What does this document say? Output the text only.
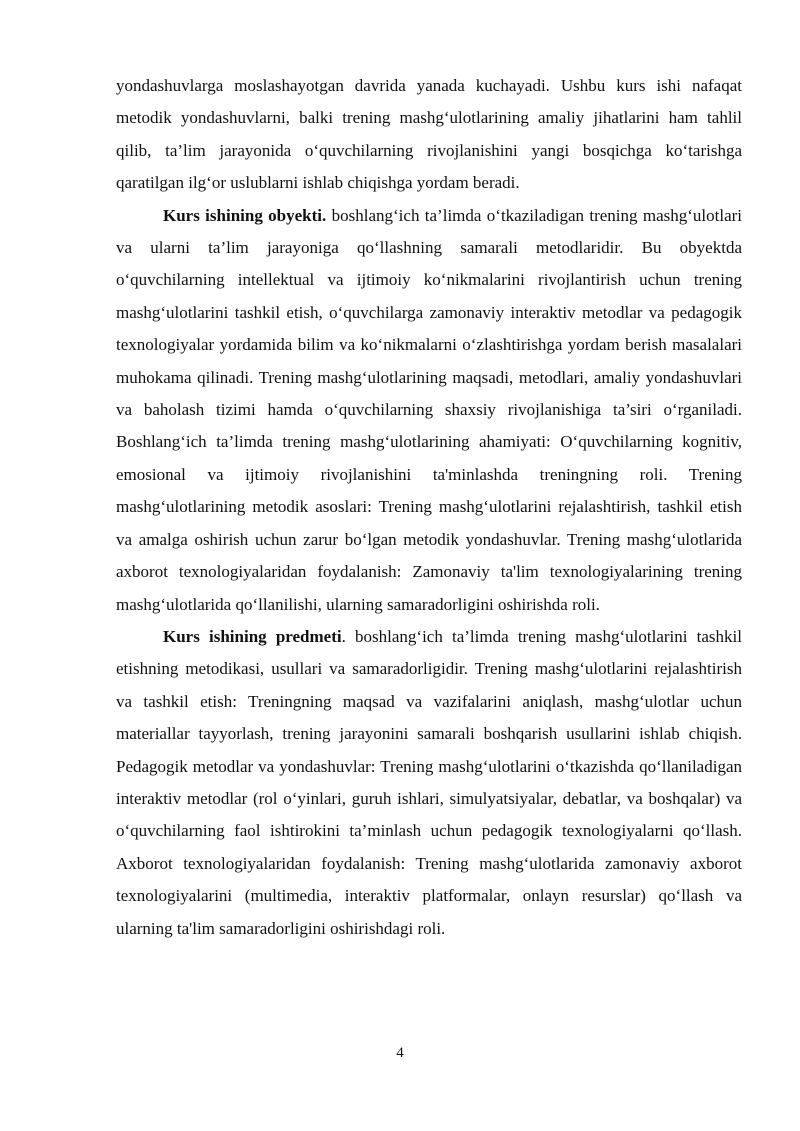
yondashuvlarga moslashayotgan davrida yanada kuchayadi. Ushbu kurs ishi nafaqat metodik yondashuvlarni, balki trening mashg‘ulotlarining amaliy jihatlarini ham tahlil qilib, ta’lim jarayonida o‘quvchilarning rivojlanishini yangi bosqichga ko‘tarishga qaratilgan ilg‘or uslublarni ishlab chiqishga yordam beradi.

Kurs ishining obyekti. boshlang‘ich ta’limda o‘tkaziladigan trening mashg‘ulotlari va ularni ta’lim jarayoniga qo‘llashning samarali metodlaridir. Bu obyektda o‘quvchilarning intellektual va ijtimoiy ko‘nikmalarini rivojlantirish uchun trening mashg‘ulotlarini tashkil etish, o‘quvchilarga zamonaviy interaktiv metodlar va pedagogik texnologiyalar yordamida bilim va ko‘nikmalarni o‘zlashtirishga yordam berish masalalari muhokama qilinadi. Trening mashg‘ulotlarining maqsadi, metodlari, amaliy yondashuvlari va baholash tizimi hamda o‘quvchilarning shaxsiy rivojlanishiga ta’siri o‘rganiladi. Boshlang‘ich ta’limda trening mashg‘ulotlarining ahamiyati: O‘quvchilarning kognitiv, emosional va ijtimoiy rivojlanishini ta'minlashda treningning roli. Trening mashg‘ulotlarining metodik asoslari: Trening mashg‘ulotlarini rejalashtirish, tashkil etish va amalga oshirish uchun zarur bo‘lgan metodik yondashuvlar. Trening mashg‘ulotlarida axborot texnologiyalaridan foydalanish: Zamonaviy ta'lim texnologiyalarining trening mashg‘ulotlarida qo‘llanilishi, ularning samaradorligini oshirishda roli.

Kurs ishining predmeti. boshlang‘ich ta’limda trening mashg‘ulotlarini tashkil etishning metodikasi, usullari va samaradorligidir. Trening mashg‘ulotlarini rejalashtirish va tashkil etish: Treningning maqsad va vazifalarini aniqlash, mashg‘ulotlar uchun materiallar tayyorlash, trening jarayonini samarali boshqarish usullarini ishlab chiqish. Pedagogik metodlar va yondashuvlar: Trening mashg‘ulotlarini o‘tkazishda qo‘llaniladigan interaktiv metodlar (rol o‘yinlari, guruh ishlari, simulyatsiyalar, debatlar, va boshqalar) va o‘quvchilarning faol ishtirokini ta’minlash uchun pedagogik texnologiyalarni qo‘llash. Axborot texnologiyalaridan foydalanish: Trening mashg‘ulotlarida zamonaviy axborot texnologiyalarini (multimedia, interaktiv platformalar, onlayn resurslar) qo‘llash va ularning ta'lim samaradorligini oshirishdagi roli.

4
